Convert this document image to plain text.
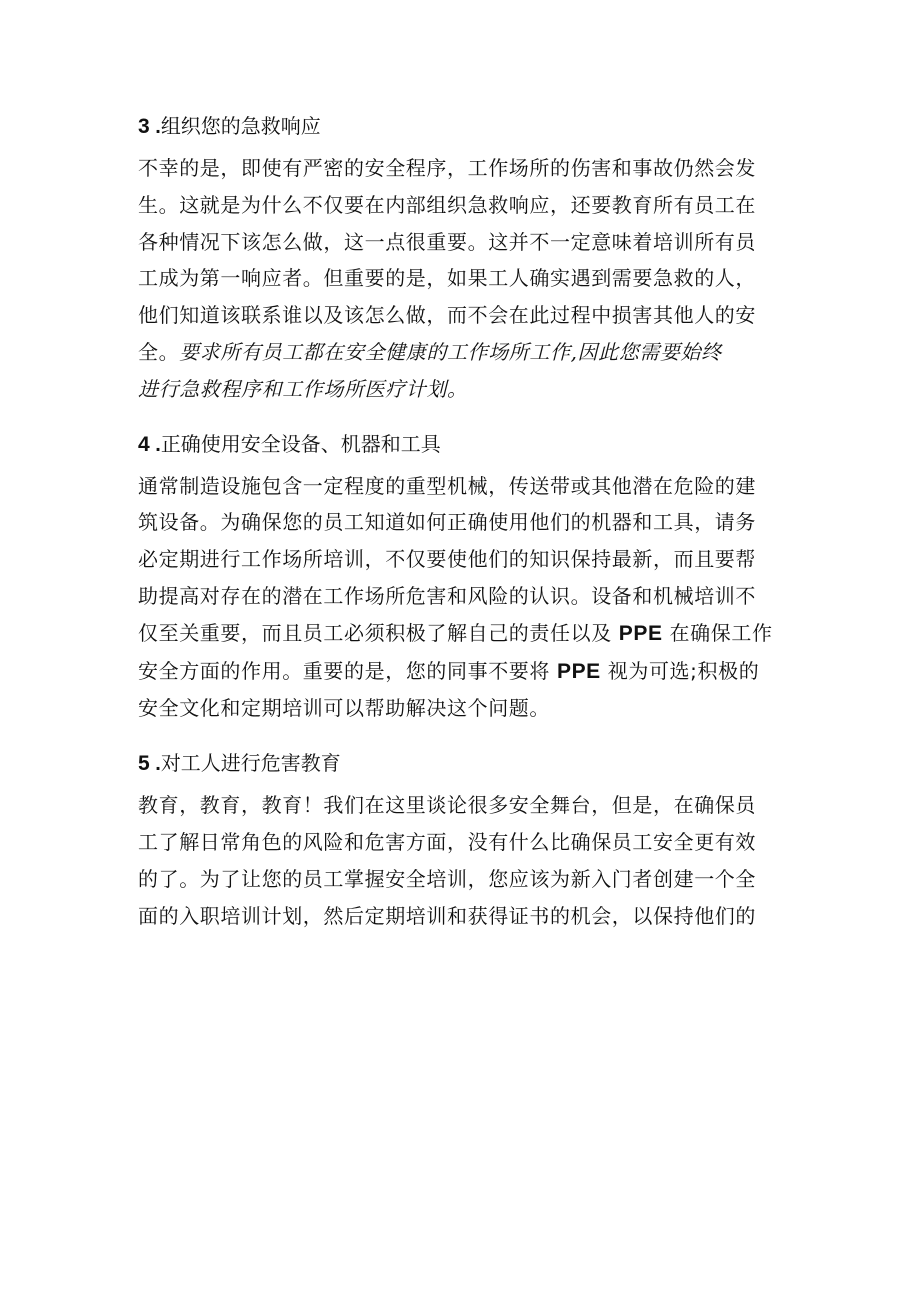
3 .组织您的急救响应

不幸的是，即使有严密的安全程序，工作场所的伤害和事故仍然会发
生。这就是为什么不仅要在内部组织急救响应，还要教育所有员工在
各种情况下该怎么做，这一点很重要。这并不一定意味着培训所有员
工成为第一响应者。但重要的是，如果工人确实遇到需要急救的人，
他们知道该联系谁以及该怎么做，而不会在此过程中损害其他人的安
全。要求所有员工都在安全健康的工作场所工作,因此您需要始终
进行急救程序和工作场所医疗计划。

4 .正确使用安全设备、机器和工具

通常制造设施包含一定程度的重型机械，传送带或其他潜在危险的建
筑设备。为确保您的员工知道如何正确使用他们的机器和工具，请务
必定期进行工作场所培训，不仅要使他们的知识保持最新，而且要帮
助提高对存在的潜在工作场所危害和风险的认识。设备和机械培训不
仅至关重要，而且员工必须积极了解自己的责任以及 PPE 在确保工作
安全方面的作用。重要的是，您的同事不要将 PPE 视为可选;积极的
安全文化和定期培训可以帮助解决这个问题。

5 .对工人进行危害教育

教育，教育，教育！我们在这里谈论很多安全舞台，但是，在确保员
工了解日常角色的风险和危害方面，没有什么比确保员工安全更有效
的了。为了让您的员工掌握安全培训，您应该为新入门者创建一个全
面的入职培训计划，然后定期培训和获得证书的机会，以保持他们的
